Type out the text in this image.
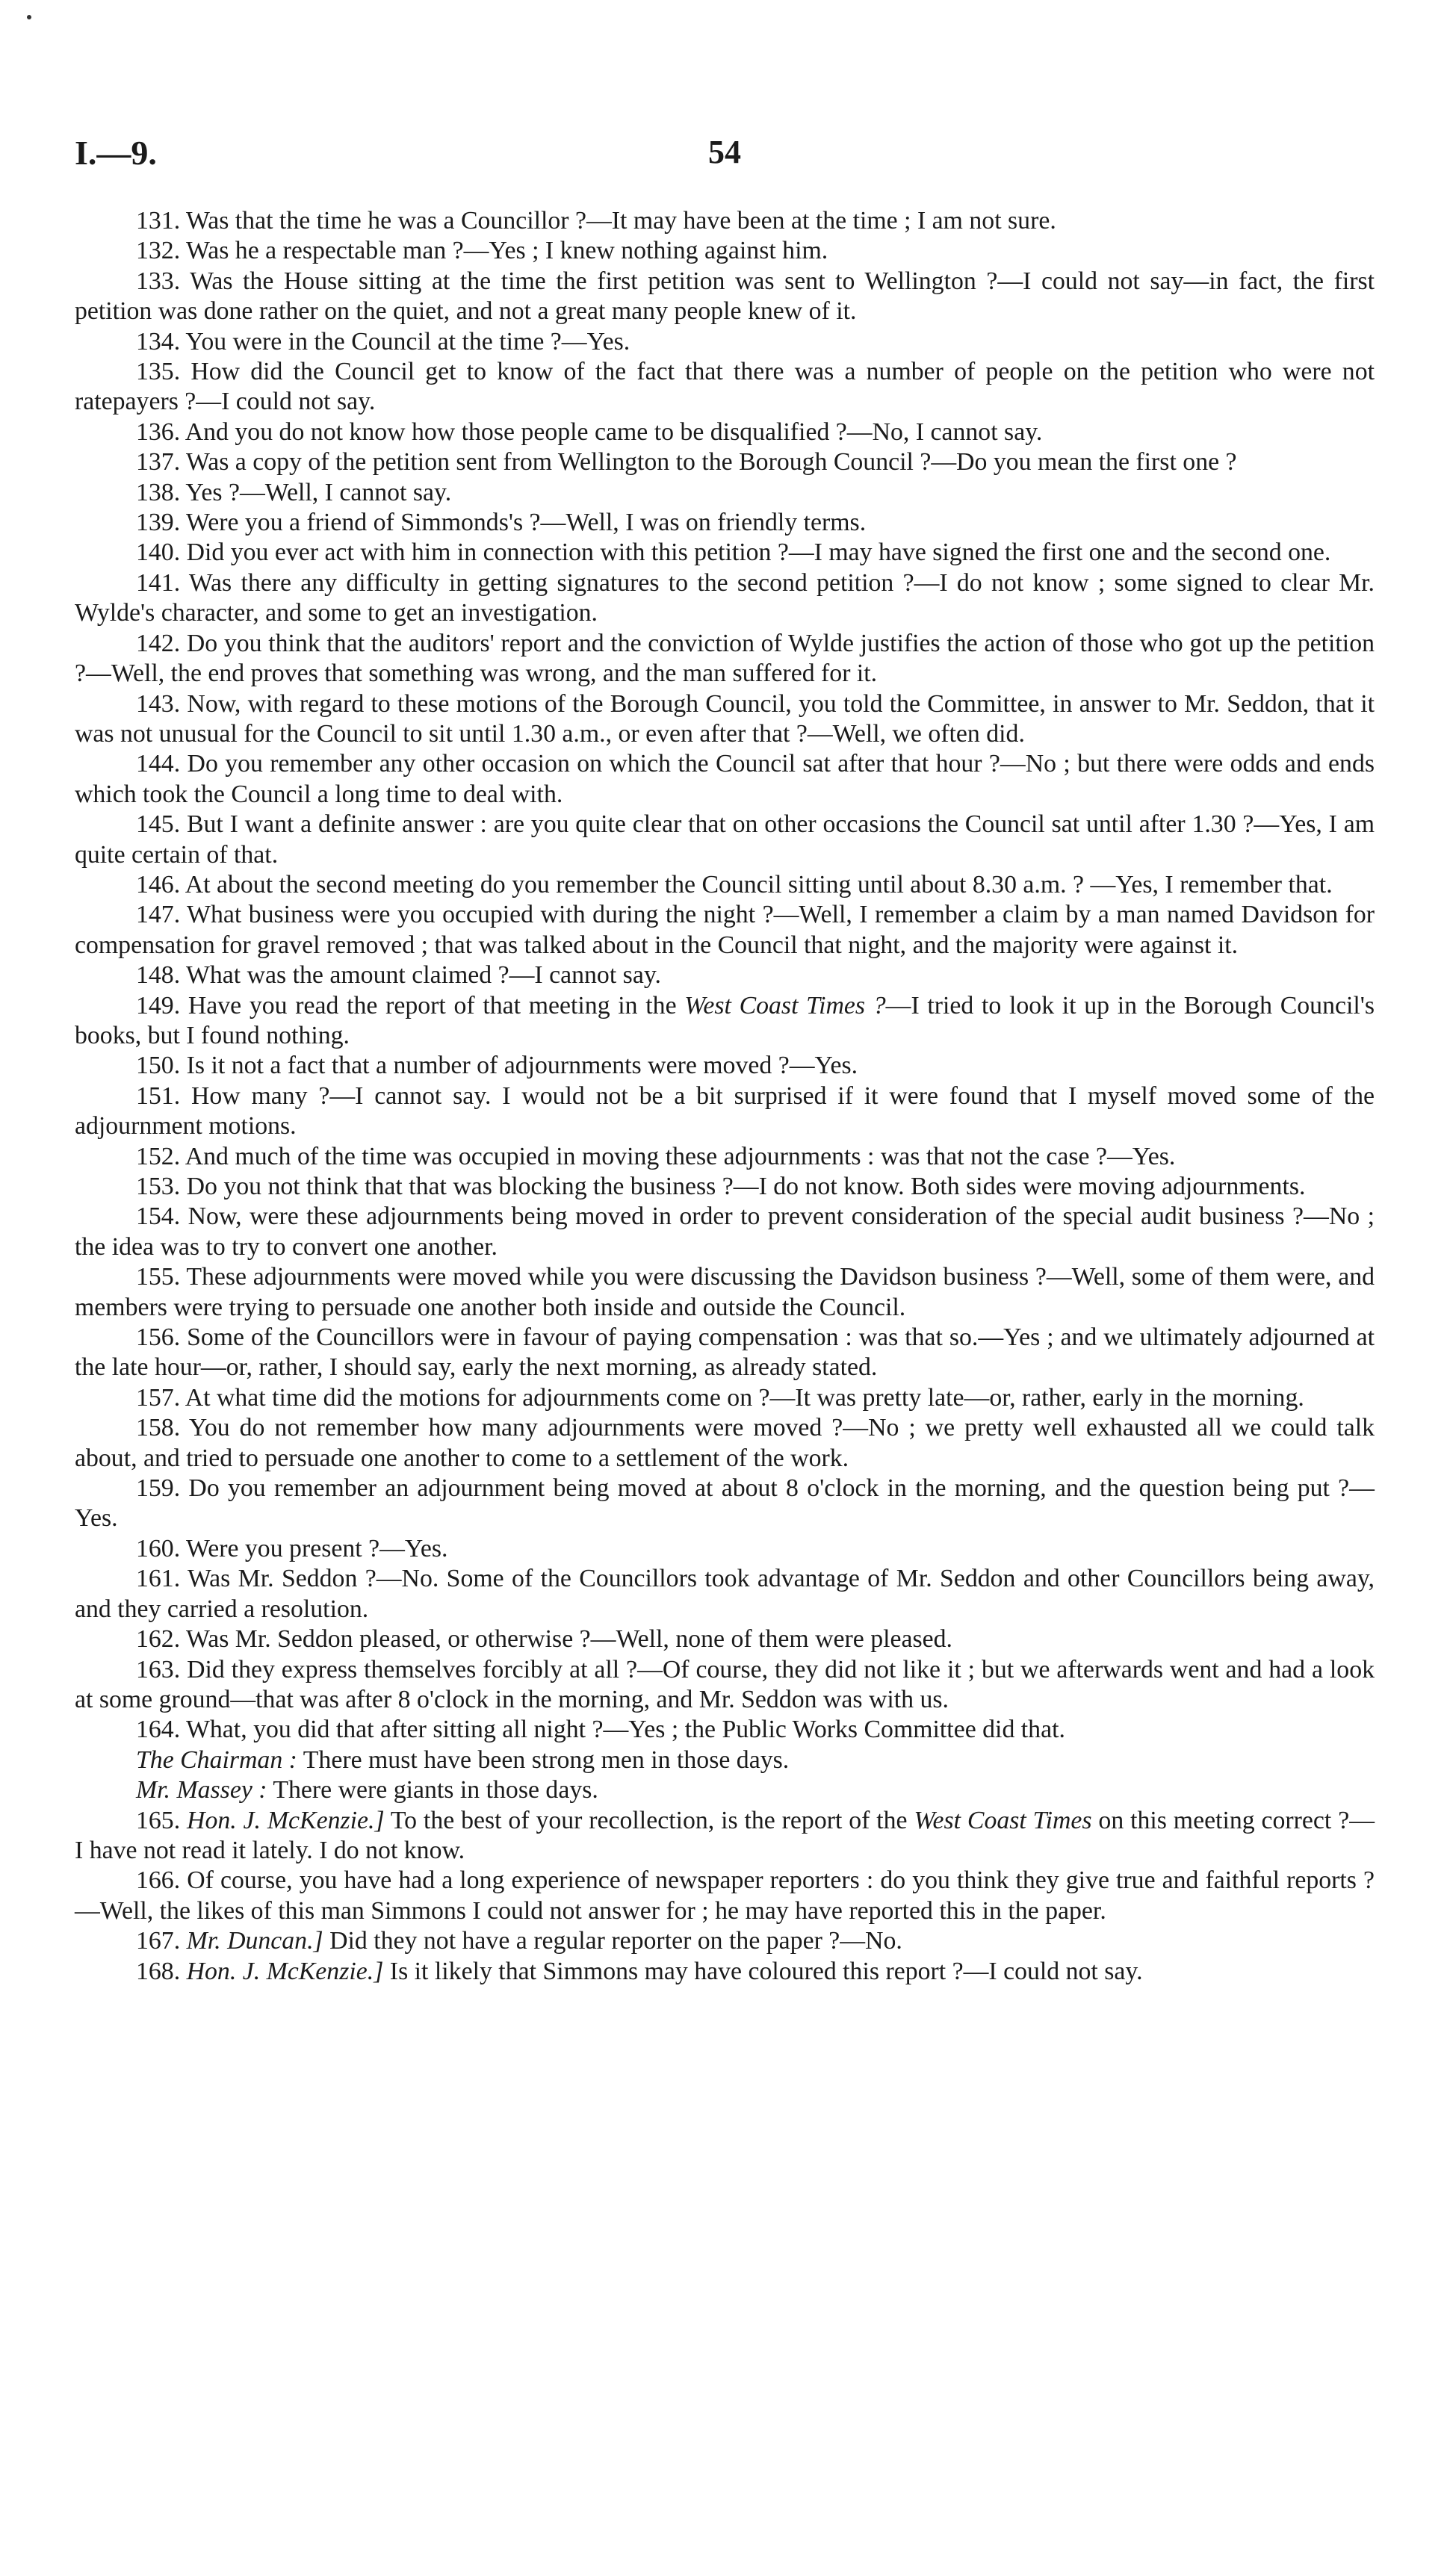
I.—9.	54

131. Was that the time he was a Councillor ?—It may have been at the time ; I am not sure.

132. Was he a respectable man ?—Yes ; I knew nothing against him.

133. Was the House sitting at the time the first petition was sent to Wellington ?—I could not say—in fact, the first petition was done rather on the quiet, and not a great many people knew of it.

134. You were in the Council at the time ?—Yes.

135. How did the Council get to know of the fact that there was a number of people on the petition who were not ratepayers ?—I could not say.

136. And you do not know how those people came to be disqualified ?—No, I cannot say.

137. Was a copy of the petition sent from Wellington to the Borough Council ?—Do you mean the first one ?

138. Yes ?—Well, I cannot say.

139. Were you a friend of Simmonds's ?—Well, I was on friendly terms.

140. Did you ever act with him in connection with this petition ?—I may have signed the first one and the second one.

141. Was there any difficulty in getting signatures to the second petition ?—I do not know ; some signed to clear Mr. Wylde's character, and some to get an investigation.

142. Do you think that the auditors' report and the conviction of Wylde justifies the action of those who got up the petition ?—Well, the end proves that something was wrong, and the man suffered for it.

143. Now, with regard to these motions of the Borough Council, you told the Committee, in answer to Mr. Seddon, that it was not unusual for the Council to sit until 1.30 a.m., or even after that ?—Well, we often did.

144. Do you remember any other occasion on which the Council sat after that hour ?—No ; but there were odds and ends which took the Council a long time to deal with.

145. But I want a definite answer : are you quite clear that on other occasions the Council sat until after 1.30 ?—Yes, I am quite certain of that.

146. At about the second meeting do you remember the Council sitting until about 8.30 a.m. ? —Yes, I remember that.

147. What business were you occupied with during the night ?—Well, I remember a claim by a man named Davidson for compensation for gravel removed ; that was talked about in the Council that night, and the majority were against it.

148. What was the amount claimed ?—I cannot say.

149. Have you read the report of that meeting in the West Coast Times ?—I tried to look it up in the Borough Council's books, but I found nothing.

150. Is it not a fact that a number of adjournments were moved ?—Yes.

151. How many ?—I cannot say. I would not be a bit surprised if it were found that I myself moved some of the adjournment motions.

152. And much of the time was occupied in moving these adjournments : was that not the case ?—Yes.

153. Do you not think that that was blocking the business ?—I do not know. Both sides were moving adjournments.

154. Now, were these adjournments being moved in order to prevent consideration of the special audit business ?—No ; the idea was to try to convert one another.

155. These adjournments were moved while you were discussing the Davidson business ?—Well, some of them were, and members were trying to persuade one another both inside and outside the Council.

156. Some of the Councillors were in favour of paying compensation : was that so.—Yes ; and we ultimately adjourned at the late hour—or, rather, I should say, early the next morning, as already stated.

157. At what time did the motions for adjournments come on ?—It was pretty late—or, rather, early in the morning.

158. You do not remember how many adjournments were moved ?—No ; we pretty well exhausted all we could talk about, and tried to persuade one another to come to a settlement of the work.

159. Do you remember an adjournment being moved at about 8 o'clock in the morning, and the question being put ?—Yes.

160. Were you present ?—Yes.

161. Was Mr. Seddon ?—No. Some of the Councillors took advantage of Mr. Seddon and other Councillors being away, and they carried a resolution.

162. Was Mr. Seddon pleased, or otherwise ?—Well, none of them were pleased.

163. Did they express themselves forcibly at all ?—Of course, they did not like it ; but we afterwards went and had a look at some ground—that was after 8 o'clock in the morning, and Mr. Seddon was with us.

164. What, you did that after sitting all night ?—Yes ; the Public Works Committee did that.

The Chairman : There must have been strong men in those days.

Mr. Massey : There were giants in those days.

165. Hon. J. McKenzie.] To the best of your recollection, is the report of the West Coast Times on this meeting correct ?—I have not read it lately. I do not know.

166. Of course, you have had a long experience of newspaper reporters : do you think they give true and faithful reports ?—Well, the likes of this man Simmons I could not answer for ; he may have reported this in the paper.

167. Mr. Duncan.] Did they not have a regular reporter on the paper ?—No.

168. Hon. J. McKenzie.] Is it likely that Simmons may have coloured this report ?—I could not say.
